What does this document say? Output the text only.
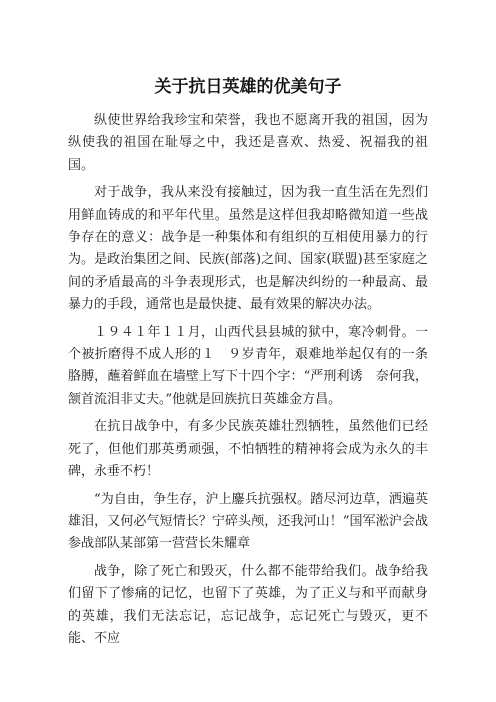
关于抗日英雄的优美句子

纵使世界给我珍宝和荣誉，我也不愿离开我的祖国，因为纵使我的祖国在耻辱之中，我还是喜欢、热爱、祝福我的祖国。

对于战争，我从来没有接触过，因为我一直生活在先烈们用鲜血铸成的和平年代里。虽然是这样但我却略微知道一些战争存在的意义：战争是一种集体和有组织的互相使用暴力的行为。是政治集团之间、民族(部落)之间、国家(联盟)甚至家庭之间的矛盾最高的斗争表现形式，也是解决纠纷的一种最高、最暴力的手段，通常也是最快捷、最有效果的解决办法。

１９４１年１１月，山西代县县城的狱中，寒冷刺骨。一个被折磨得不成人形的１　９岁青年，艰难地举起仅有的一条胳膊，蘸着鲜血在墙壁上写下十四个字：“严刑利诱　奈何我，颔首流泪非丈夫。”他就是回族抗日英雄金方昌。

在抗日战争中，有多少民族英雄壮烈牺牲，虽然他们已经死了，但他们那英勇顽强，不怕牺牲的精神将会成为永久的丰碑，永垂不朽！

“为自由，争生存，沪上鏖兵抗强权。踏尽河边草，洒遍英雄泪，又何必气短情长？宁碎头颅，还我河山！”国军淞沪会战参战部队某部第一营营长朱耀章

战争，除了死亡和毁灭，什么都不能带给我们。战争给我们留下了惨痛的记忆，也留下了英雄，为了正义与和平而献身的英雄，我们无法忘记，忘记战争，忘记死亡与毁灭，更不能、不应
